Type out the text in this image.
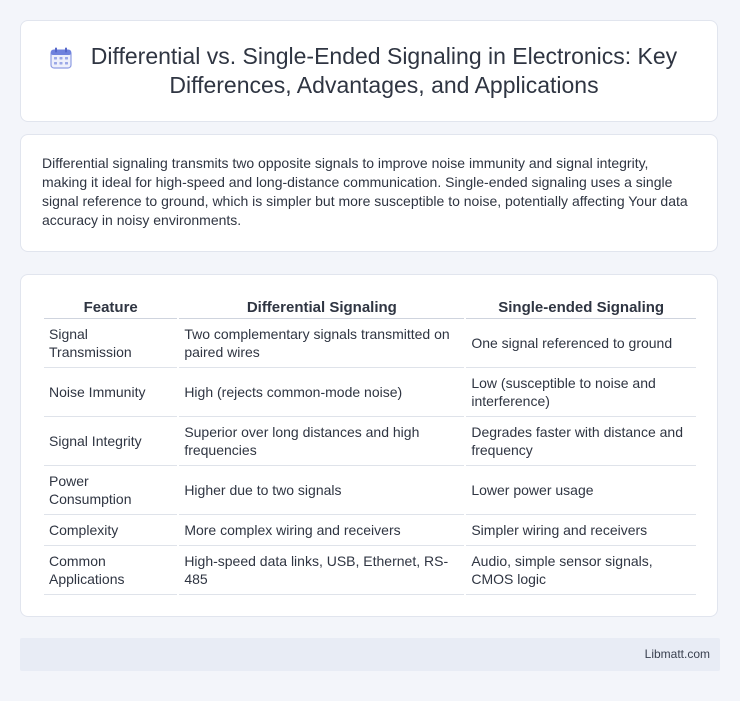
Differential vs. Single-Ended Signaling in Electronics: Key Differences, Advantages, and Applications

Differential signaling transmits two opposite signals to improve noise immunity and signal integrity, making it ideal for high-speed and long-distance communication. Single-ended signaling uses a single signal reference to ground, which is simpler but more susceptible to noise, potentially affecting Your data accuracy in noisy environments.

Feature	Differential Signaling	Single-ended Signaling
Signal Transmission	Two complementary signals transmitted on paired wires	One signal referenced to ground
Noise Immunity	High (rejects common-mode noise)	Low (susceptible to noise and interference)
Signal Integrity	Superior over long distances and high frequencies	Degrades faster with distance and frequency
Power Consumption	Higher due to two signals	Lower power usage
Complexity	More complex wiring and receivers	Simpler wiring and receivers
Common Applications	High-speed data links, USB, Ethernet, RS-485	Audio, simple sensor signals, CMOS logic
Libmatt.com
